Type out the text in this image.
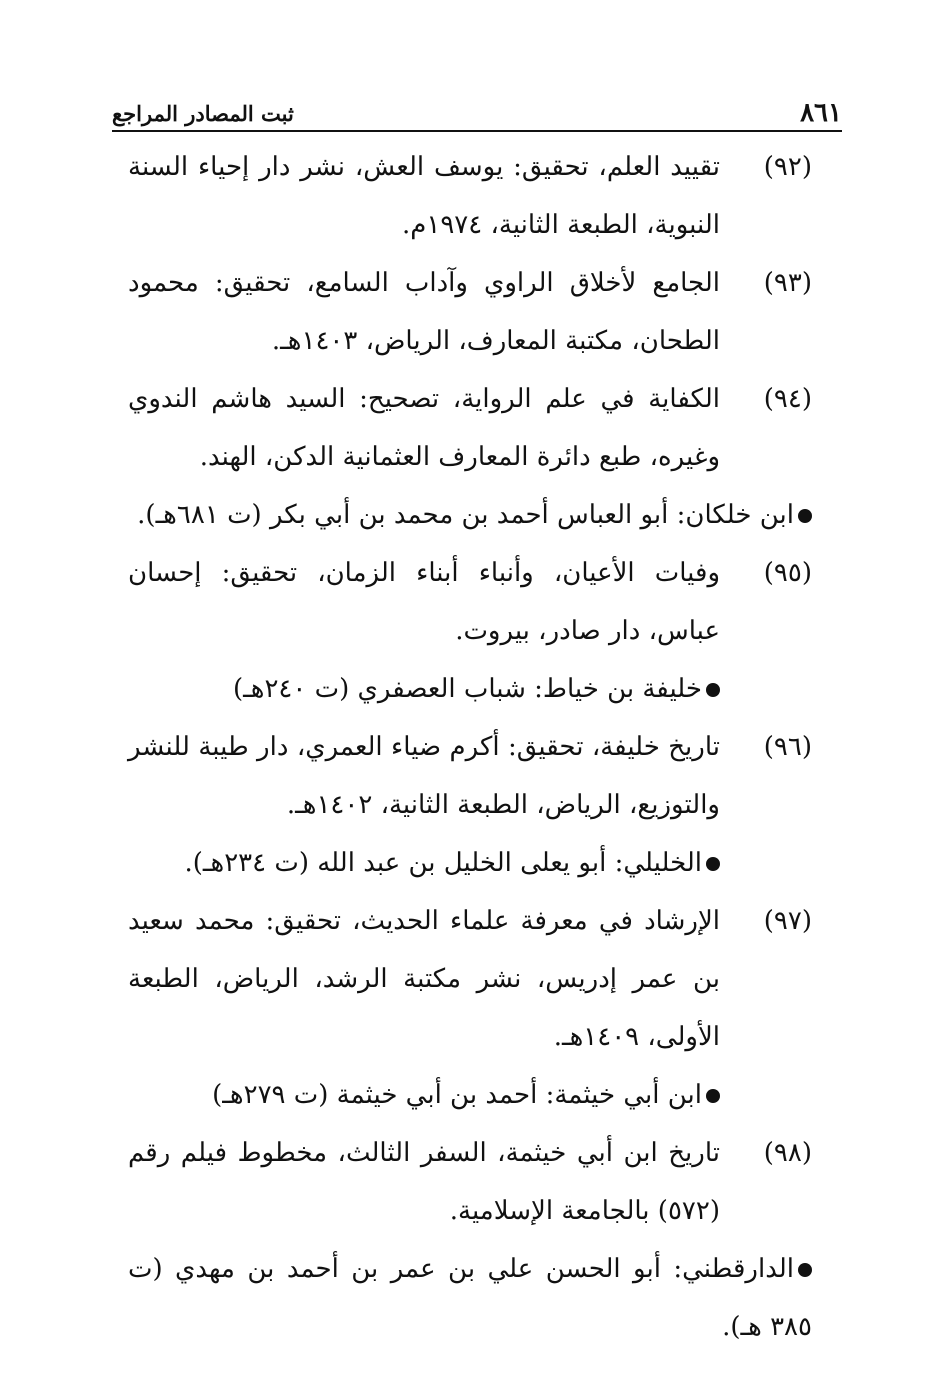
٨٦١
ثبت المصادر المراجع

(٩٢)
تقييد العلم، تحقيق: يوسف العش، نشر دار إحياء السنة النبوية، الطبعة الثانية، ١٩٧٤م.

(٩٣)
الجامع لأخلاق الراوي وآداب السامع، تحقيق: محمود الطحان، مكتبة المعارف، الرياض، ١٤٠٣هـ.

(٩٤)
الكفاية في علم الرواية، تصحيح: السيد هاشم الندوي وغيره، طبع دائرة المعارف العثمانية الدكن، الهند.

ابن خلكان: أبو العباس أحمد بن محمد بن أبي بكر (ت ٦٨١هـ).

(٩٥)
وفيات الأعيان، وأنباء أبناء الزمان، تحقيق: إحسان عباس، دار صادر، بيروت.

خليفة بن خياط: شباب العصفري (ت ٢٤٠هـ)

(٩٦)
تاريخ خليفة، تحقيق: أكرم ضياء العمري، دار طيبة للنشر والتوزيع، الرياض، الطبعة الثانية، ١٤٠٢هـ.

الخليلي: أبو يعلى الخليل بن عبد الله (ت ٢٣٤هـ).

(٩٧)
الإرشاد في معرفة علماء الحديث، تحقيق: محمد سعيد بن عمر إدريس، نشر مكتبة الرشد، الرياض، الطبعة الأولى، ١٤٠٩هـ.

ابن أبي خيثمة: أحمد بن أبي خيثمة (ت ٢٧٩هـ)

(٩٨)
تاريخ ابن أبي خيثمة، السفر الثالث، مخطوط فيلم رقم (٥٧٢) بالجامعة الإسلامية.

الدارقطني: أبو الحسن علي بن عمر بن أحمد بن مهدي (ت ٣٨٥ هـ).
